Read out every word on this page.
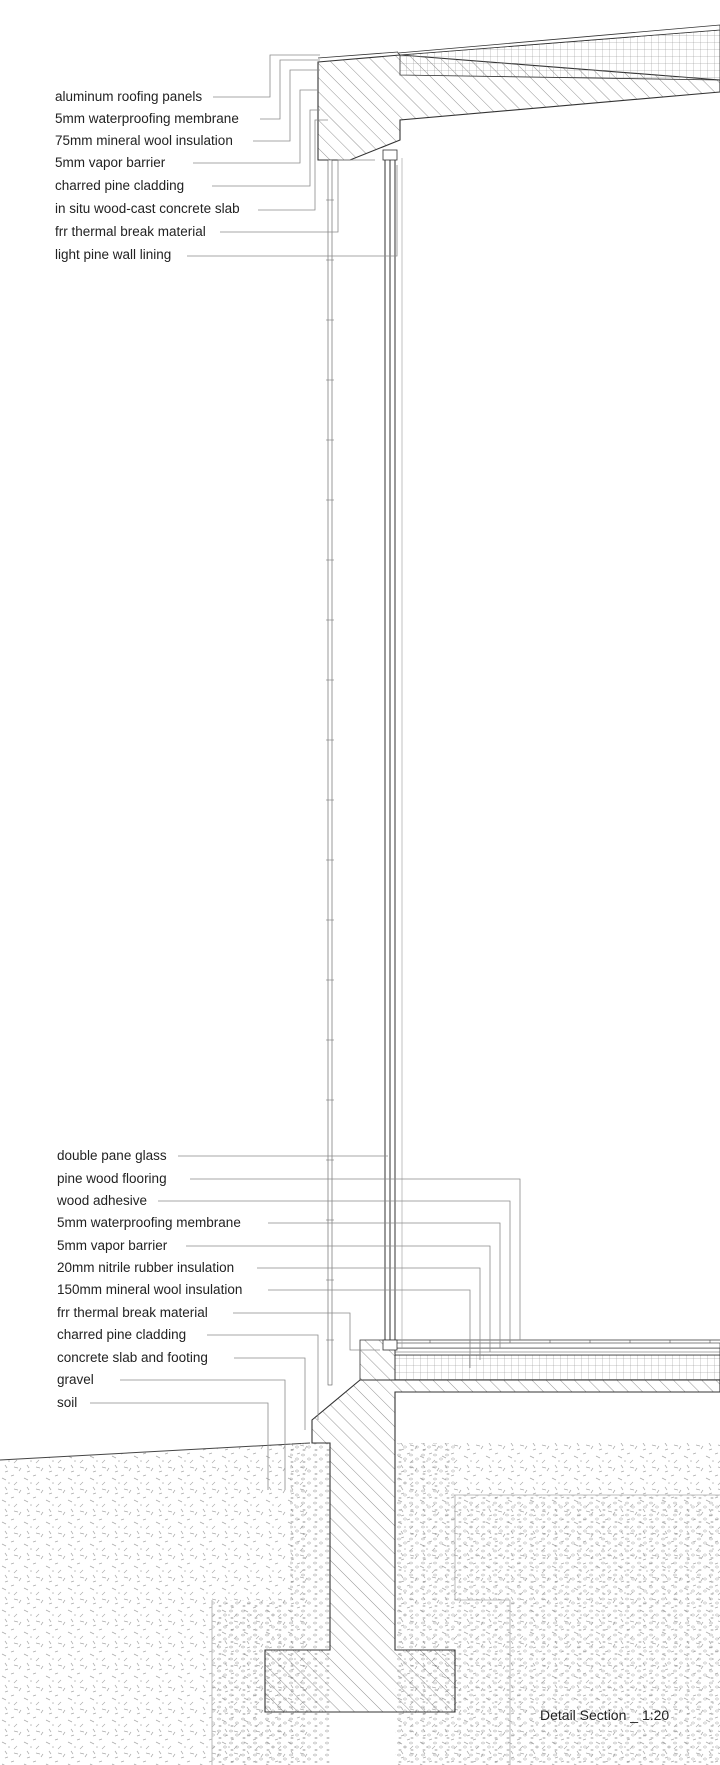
aluminum roofing panels
5mm waterproofing membrane
75mm mineral wool insulation
5mm vapor barrier
charred pine cladding
in situ wood-cast concrete slab
frr thermal break material
light pine wall lining
double pane glass
pine wood flooring
wood adhesive
5mm waterproofing membrane
5mm vapor barrier
20mm nitrile rubber insulation
150mm mineral wool insulation
frr thermal break material
charred pine cladding
concrete slab and footing
gravel
soil
Detail Section _ 1:20
